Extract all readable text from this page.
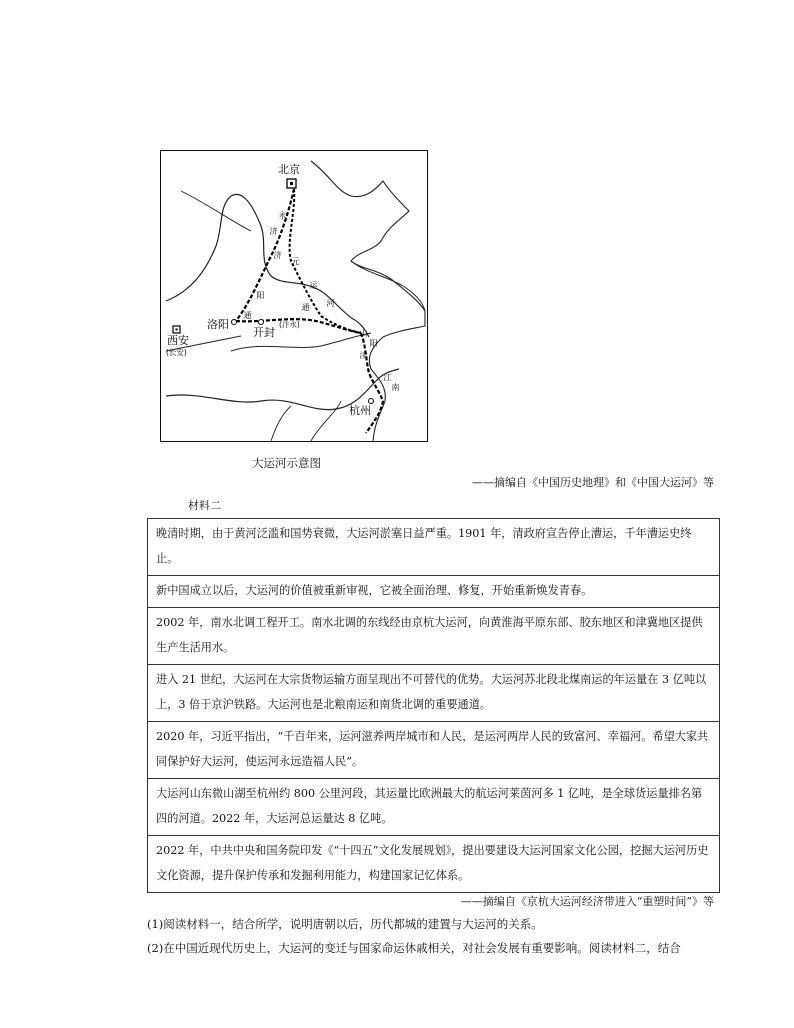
北京
洛阳
开封
西安
(长安)
(汴水)
杭州
永
济
济
元
运
河
阳
通
通
山
阳
渎
江
南
大运河示意图
——摘编自《中国历史地理》和《中国大运河》等
材料二
晚清时期，由于黄河泛滥和国势衰微，大运河淤塞日益严重。1901 年，清政府宣告停止漕运，千年漕运史终止。
新中国成立以后，大运河的价值被重新审视，它被全面治理、修复，开始重新焕发青春。
2002 年，南水北调工程开工。南水北调的东线经由京杭大运河，向黄淮海平原东部、胶东地区和津冀地区提供生产生活用水。
进入 21 世纪，大运河在大宗货物运输方面呈现出不可替代的优势。大运河苏北段北煤南运的年运量在 3 亿吨以上，3 倍于京沪铁路。大运河也是北粮南运和南货北调的重要通道。
2020 年，习近平指出，“千百年来，运河滋养两岸城市和人民，是运河两岸人民的致富河、幸福河。希望大家共同保护好大运河，使运河永远造福人民”。
大运河山东微山湖至杭州约 800 公里河段，其运量比欧洲最大的航运河莱茵河多 1 亿吨，是全球货运量排名第四的河道。2022 年，大运河总运量达 8 亿吨。
2022 年，中共中央和国务院印发《“十四五”文化发展规划》，提出要建设大运河国家文化公园，挖掘大运河历史文化资源，提升保护传承和发掘利用能力，构建国家记忆体系。
——摘编自《京杭大运河经济带进入“重塑时间”》等
(1)阅读材料一，结合所学，说明唐朝以后，历代都城的建置与大运河的关系。
(2)在中国近现代历史上，大运河的变迁与国家命运休戚相关，对社会发展有重要影响。阅读材料二，结合
